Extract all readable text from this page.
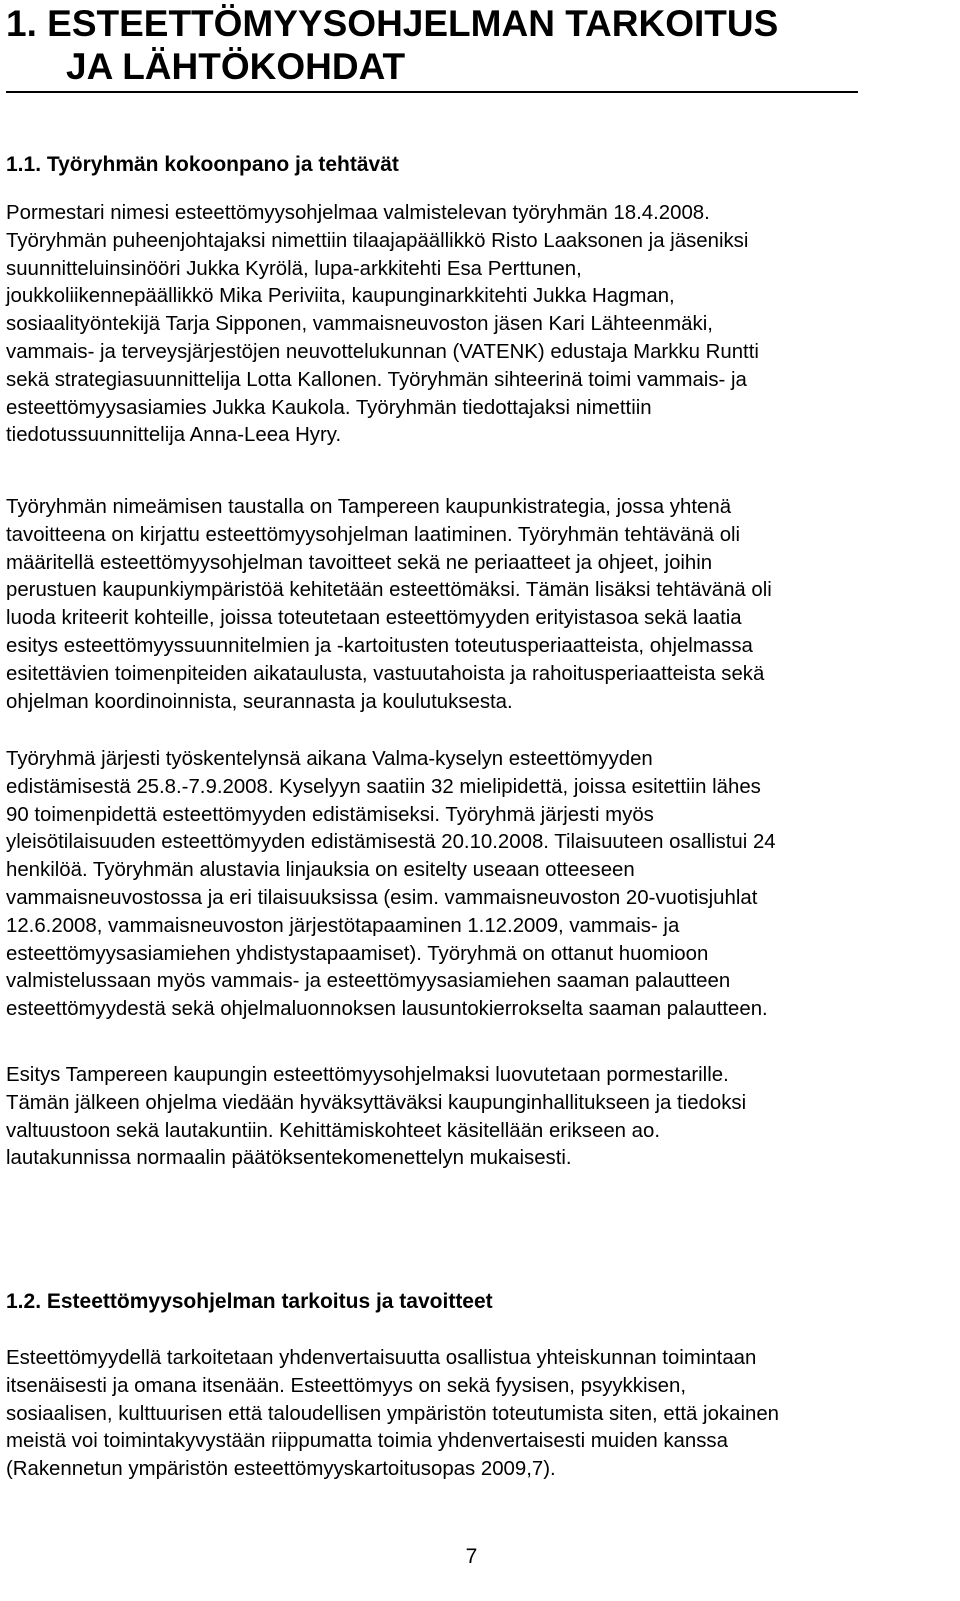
1. ESTEETTÖMYYSOHJELMAN TARKOITUS
JA LÄHTÖKOHDAT
1.1. Työryhmän kokoonpano ja tehtävät

Pormestari nimesi esteettömyysohjelmaa valmistelevan työryhmän 18.4.2008.
Työryhmän puheenjohtajaksi nimettiin tilaajapäällikkö Risto Laaksonen ja jäseniksi
suunnitteluinsinööri Jukka Kyrölä, lupa-arkkitehti Esa Perttunen,
joukkoliikennepäällikkö Mika Periviita, kaupunginarkkitehti Jukka Hagman,
sosiaalityöntekijä Tarja Sipponen, vammaisneuvoston jäsen Kari Lähteenmäki,
vammais- ja terveysjärjestöjen neuvottelukunnan (VATENK) edustaja Markku Runtti
sekä strategiasuunnittelija Lotta Kallonen. Työryhmän sihteerinä toimi vammais- ja
esteettömyysasiamies Jukka Kaukola. Työryhmän tiedottajaksi nimettiin
tiedotussuunnittelija Anna-Leea Hyry.

Työryhmän nimeämisen taustalla on Tampereen kaupunkistrategia, jossa yhtenä
tavoitteena on kirjattu esteettömyysohjelman laatiminen. Työryhmän tehtävänä oli
määritellä esteettömyysohjelman tavoitteet sekä ne periaatteet ja ohjeet, joihin
perustuen kaupunkiympäristöä kehitetään esteettömäksi. Tämän lisäksi tehtävänä oli
luoda kriteerit kohteille, joissa toteutetaan esteettömyyden erityistasoa sekä laatia
esitys esteettömyyssuunnitelmien ja -kartoitusten toteutusperiaatteista, ohjelmassa
esitettävien toimenpiteiden aikataulusta, vastuutahoista ja rahoitusperiaatteista sekä
ohjelman koordinoinnista, seurannasta ja koulutuksesta.

Työryhmä järjesti työskentelynsä aikana Valma-kyselyn esteettömyyden
edistämisestä 25.8.-7.9.2008. Kyselyyn saatiin 32 mielipidettä, joissa esitettiin lähes
90 toimenpidettä esteettömyyden edistämiseksi. Työryhmä järjesti myös
yleisötilaisuuden esteettömyyden edistämisestä 20.10.2008. Tilaisuuteen osallistui 24
henkilöä. Työryhmän alustavia linjauksia on esitelty useaan otteeseen
vammaisneuvostossa ja eri tilaisuuksissa (esim. vammaisneuvoston 20-vuotisjuhlat
12.6.2008, vammaisneuvoston järjestötapaaminen 1.12.2009, vammais- ja
esteettömyysasiamiehen yhdistystapaamiset). Työryhmä on ottanut huomioon
valmistelussaan myös vammais- ja esteettömyysasiamiehen saaman palautteen
esteettömyydestä sekä ohjelmaluonnoksen lausuntokierrokselta saaman palautteen.

Esitys Tampereen kaupungin esteettömyysohjelmaksi luovutetaan pormestarille.
Tämän jälkeen ohjelma viedään hyväksyttäväksi kaupunginhallitukseen ja tiedoksi
valtuustoon sekä lautakuntiin. Kehittämiskohteet käsitellään erikseen ao.
lautakunnissa normaalin päätöksentekomenettelyn mukaisesti.

1.2. Esteettömyysohjelman tarkoitus ja tavoitteet

Esteettömyydellä tarkoitetaan yhdenvertaisuutta osallistua yhteiskunnan toimintaan
itsenäisesti ja omana itsenään. Esteettömyys on sekä fyysisen, psyykkisen,
sosiaalisen, kulttuurisen että taloudellisen ympäristön toteutumista siten, että jokainen
meistä voi toimintakyvystään riippumatta toimia yhdenvertaisesti muiden kanssa
(Rakennetun ympäristön esteettömyyskartoitusopas 2009,7).

7
